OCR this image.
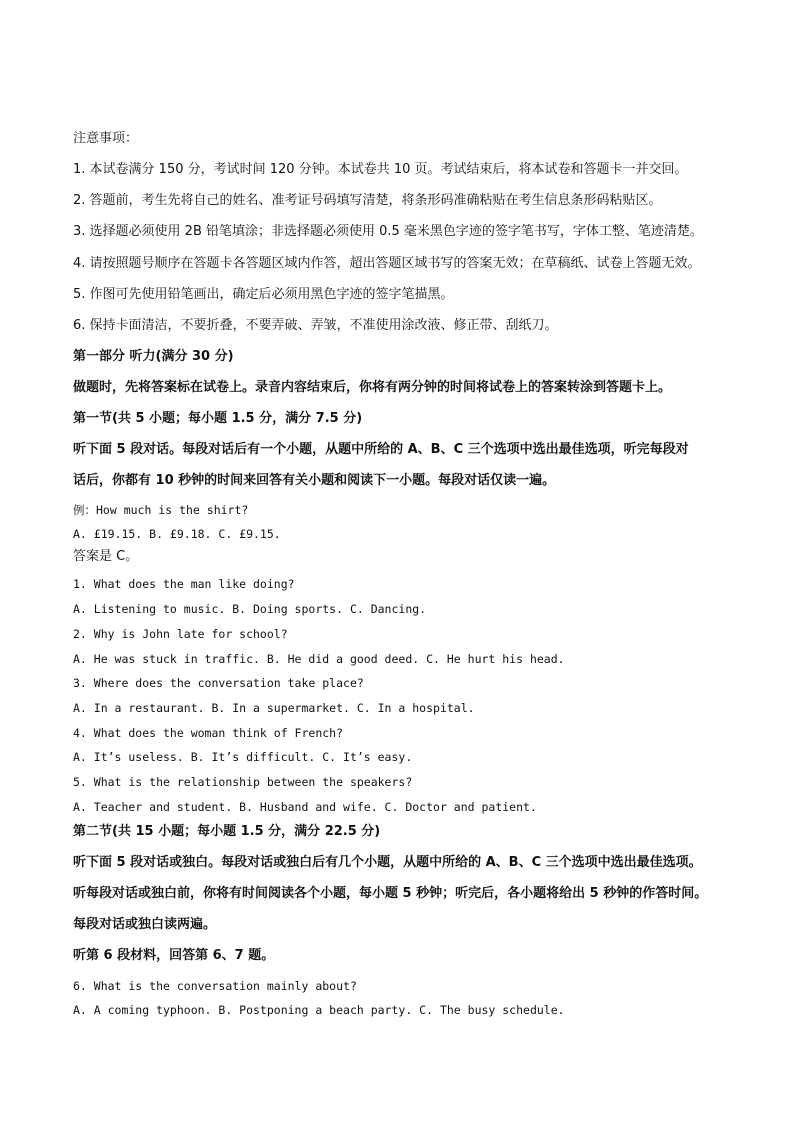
注意事项：
1. 本试卷满分 150 分，考试时间 120 分钟。本试卷共 10 页。考试结束后，将本试卷和答题卡一并交回。
2. 答题前，考生先将自己的姓名、准考证号码填写清楚，将条形码准确粘贴在考生信息条形码粘贴区。
3. 选择题必须使用 2B 铅笔填涂；非选择题必须使用 0.5 毫米黑色字迹的签字笔书写，字体工整、笔迹清楚。
4. 请按照题号顺序在答题卡各答题区域内作答，超出答题区域书写的答案无效；在草稿纸、试卷上答题无效。
5. 作图可先使用铅笔画出，确定后必须用黑色字迹的签字笔描黑。
6. 保持卡面清洁，不要折叠，不要弄破、弄皱，不准使用涂改液、修正带、刮纸刀。
第一部分 听力(满分 30 分)
做题时，先将答案标在试卷上。录音内容结束后，你将有两分钟的时间将试卷上的答案转涂到答题卡上。
第一节(共 5 小题；每小题 1.5 分，满分 7.5 分)
听下面 5 段对话。每段对话后有一个小题，从题中所给的 A、B、C 三个选项中选出最佳选项，听完每段对
话后，你都有 10 秒钟的时间来回答有关小题和阅读下一小题。每段对话仅读一遍。
例：How much is the shirt?
A. £19.15. B. £9.18. C. £9.15.
答案是 C。
1. What does the man like doing?
A. Listening to music. B. Doing sports. C. Dancing.
2. Why is John late for school?
A. He was stuck in traffic. B. He did a good deed. C. He hurt his head.
3. Where does the conversation take place?
A. In a restaurant. B. In a supermarket. C. In a hospital.
4. What does the woman think of French?
A. It’s useless. B. It’s difficult. C. It’s easy.
5. What is the relationship between the speakers?
A. Teacher and student. B. Husband and wife. C. Doctor and patient.
第二节(共 15 小题；每小题 1.5 分，满分 22.5 分)
听下面 5 段对话或独白。每段对话或独白后有几个小题，从题中所给的 A、B、C 三个选项中选出最佳选项。
听每段对话或独白前，你将有时间阅读各个小题，每小题 5 秒钟；听完后，各小题将给出 5 秒钟的作答时间。
每段对话或独白读两遍。
听第 6 段材料，回答第 6、7 题。
6. What is the conversation mainly about?
A. A coming typhoon. B. Postponing a beach party. C. The busy schedule.
